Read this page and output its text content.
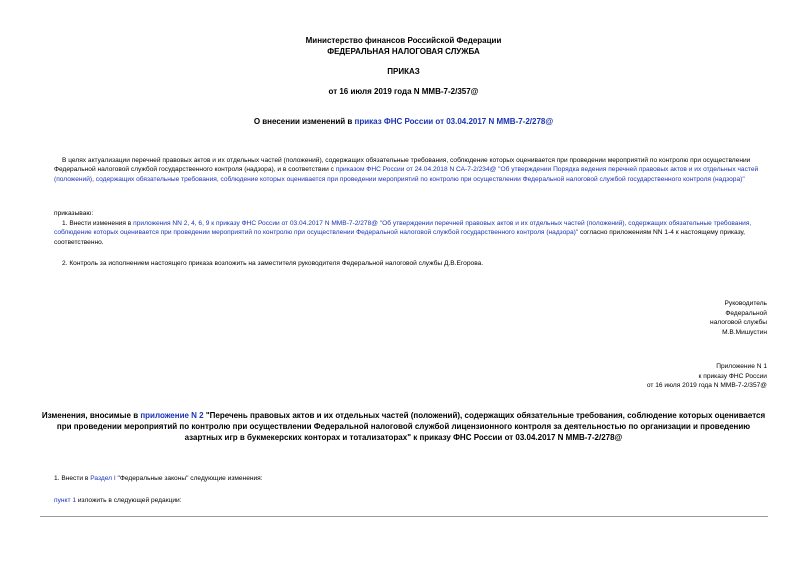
Министерство финансов Российской Федерации
ФЕДЕРАЛЬНАЯ НАЛОГОВАЯ СЛУЖБА
ПРИКАЗ
от 16 июля 2019 года N ММВ-7-2/357@
О внесении изменений в приказ ФНС России от 03.04.2017 N ММВ-7-2/278@
В целях актуализации перечней правовых актов и их отдельных частей (положений), содержащих обязательные требования, соблюдение которых оценивается при проведении мероприятий по контролю при осуществлении Федеральной налоговой службой государственного контроля (надзора), и в соответствии с приказом ФНС России от 24.04.2018 N СА-7-2/234@ "Об утверждении Порядка ведения перечней правовых актов и их отдельных частей (положений), содержащих обязательные требования, соблюдение которых оценивается при проведении мероприятий по контролю при осуществлении Федеральной налоговой службой государственного контроля (надзора)"
приказываю:
1. Внести изменения в приложения NN 2, 4, 6, 9 к приказу ФНС России от 03.04.2017 N ММВ-7-2/278@ "Об утверждении перечней правовых актов и их отдельных частей (положений), содержащих обязательные требования, соблюдение которых оценивается при проведении мероприятий по контролю при осуществлении Федеральной налоговой службой государственного контроля (надзора)" согласно приложениям NN 1-4 к настоящему приказу, соответственно.
2. Контроль за исполнением настоящего приказа возложить на заместителя руководителя Федеральной налоговой службы Д.В.Егорова.
Руководитель
Федеральной
налоговой службы
М.В.Мишустин
Приложение N 1
к приказу ФНС России
от 16 июля 2019 года N ММВ-7-2/357@
Изменения, вносимые в приложение N 2 "Перечень правовых актов и их отдельных частей (положений), содержащих обязательные требования, соблюдение которых оценивается при проведении мероприятий по контролю при осуществлении Федеральной налоговой службой лицензионного контроля за деятельностью по организации и проведению азартных игр в букмекерских конторах и тотализаторах" к приказу ФНС России от 03.04.2017 N ММВ-7-2/278@
1. Внести в Раздел I "Федеральные законы" следующие изменения:
пункт 1 изложить в следующей редакции:
